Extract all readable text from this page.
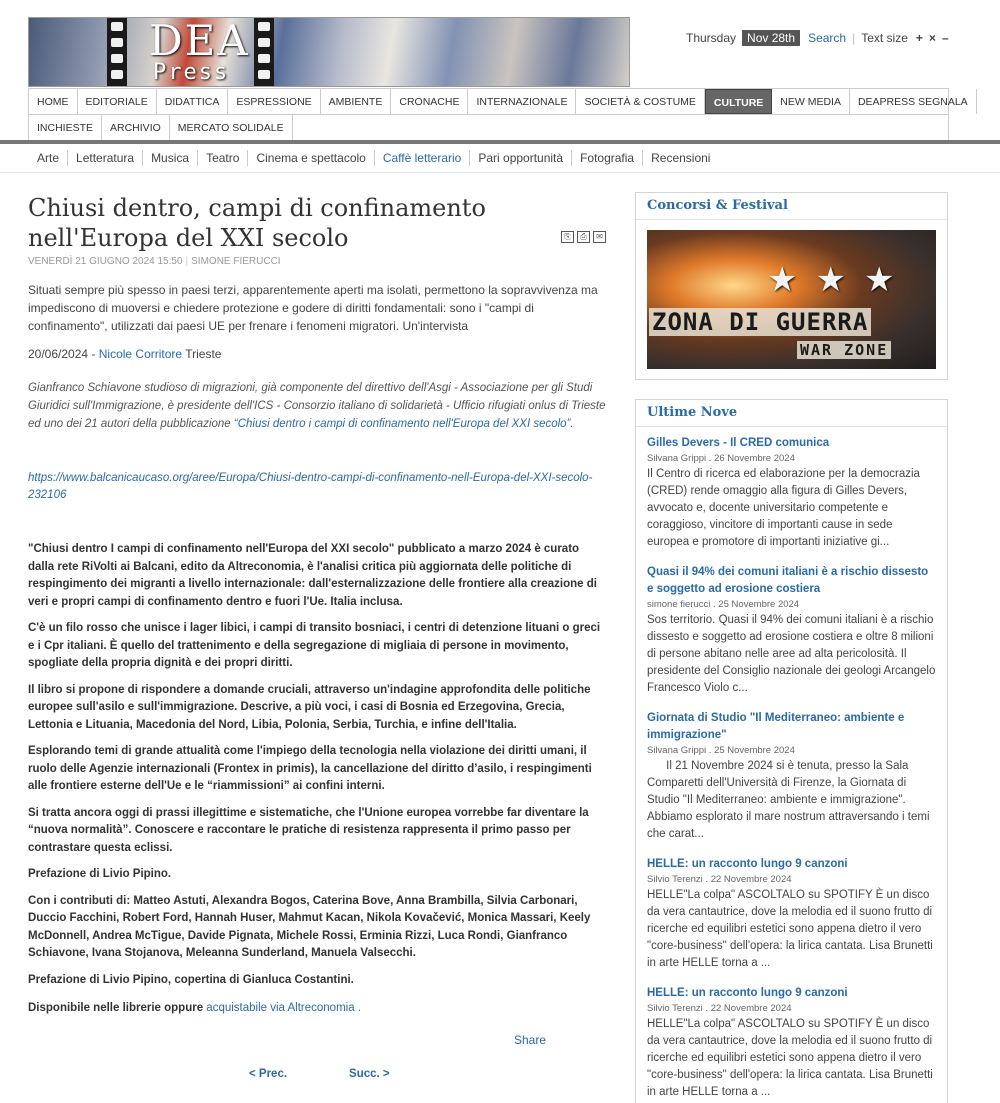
DEA
Press
Thursday Nov 28th	Search | Text size + × –
HOME	EDITORIALE	DIDATTICA	ESPRESSIONE	AMBIENTE	CRONACHE	INTERNAZIONALE	SOCIETÀ & COSTUME	CULTURE	NEW MEDIA	DEAPRESS SEGNALA
INCHIESTE	ARCHIVIO	MERCATO SOLIDALE
Arte	Letteratura	Musica	Teatro	Cinema e spettacolo	Caffè letterario	Pari opportunità	Fotografia	Recensioni
Chiusi dentro, campi di confinamento nell'Europa del XXI secolo	⎘	⎙	✉
VENERDÌ 21 GIUGNO 2024 15:50 | SIMONE FIERUCCI

Situati sempre più spesso in paesi terzi, apparentemente aperti ma isolati, permettono la sopravvivenza ma impediscono di muoversi e chiedere protezione e godere di diritti fondamentali: sono i "campi di confinamento", utilizzati dai paesi UE per frenare i fenomeni migratori. Un'intervista

20/06/2024 - Nicole Corritore Trieste

Gianfranco Schiavone studioso di migrazioni, già componente del direttivo dell'Asgi - Associazione per gli Studi Giuridici sull'Immigrazione, è presidente dell'ICS - Consorzio italiano di solidarietà - Ufficio rifugiati onlus di Trieste ed uno dei 21 autori della pubblicazione “Chiusi dentro i campi di confinamento nell'Europa del XXI secolo”.

https://www.balcanicaucaso.org/aree/Europa/Chiusi-dentro-campi-di-confinamento-nell-Europa-del-XXI-secolo-232106

"Chiusi dentro I campi di confinamento nell'Europa del XXI secolo" pubblicato a marzo 2024 è curato dalla rete RiVolti ai Balcani, edito da Altreconomia, è l'analisi critica più aggiornata delle politiche di respingimento dei migranti a livello internazionale: dall'esternalizzazione delle frontiere alla creazione di veri e propri campi di confinamento dentro e fuori l'Ue. Italia inclusa.

C'è un filo rosso che unisce i lager libici, i campi di transito bosniaci, i centri di detenzione lituani o greci e i Cpr italiani. È quello del trattenimento e della segregazione di migliaia di persone in movimento, spogliate della propria dignità e dei propri diritti.

Il libro si propone di rispondere a domande cruciali, attraverso un'indagine approfondita delle politiche europee sull'asilo e sull'immigrazione. Descrive, a più voci, i casi di Bosnia ed Erzegovina, Grecia, Lettonia e Lituania, Macedonia del Nord, Libia, Polonia, Serbia, Turchia, e infine dell'Italia.

Esplorando temi di grande attualità come l'impiego della tecnologia nella violazione dei diritti umani, il ruolo delle Agenzie internazionali (Frontex in primis), la cancellazione del diritto d’asilo, i respingimenti alle frontiere esterne dell'Ue e le “riammissioni” ai confini interni.

Si tratta ancora oggi di prassi illegittime e sistematiche, che l'Unione europea vorrebbe far diventare la “nuova normalità”. Conoscere e raccontare le pratiche di resistenza rappresenta il primo passo per contrastare questa eclissi.

Prefazione di Livio Pipino.

Con i contributi di: Matteo Astuti, Alexandra Bogos, Caterina Bove, Anna Brambilla, Silvia Carbonari, Duccio Facchini, Robert Ford, Hannah Huser, Mahmut Kacan, Nikola Kovačević, Monica Massari, Keely McDonnell, Andrea McTigue, Davide Pignata, Michele Rossi, Erminia Rizzi, Luca Rondi, Gianfranco Schiavone, Ivana Stojanova, Meleanna Sunderland, Manuela Valsecchi.

Prefazione di Livio Pipino, copertina di Gianluca Costantini.

Disponibile nelle librerie oppure acquistabile via Altreconomia .

Share
< Prec.	Succ. >
Concorsi & Festival
★★★
ZONA DI GUERRA
WAR ZONE
Ultime Nove
Gilles Devers - Il CRED comunica
Silvana Grippi . 26 Novembre 2024
Il Centro di ricerca ed elaborazione per la democrazia (CRED) rende omaggio alla figura di Gilles Devers, avvocato e, docente universitario competente e coraggioso, vincitore di importanti cause in sede europea e promotore di importanti iniziative gi...
Quasi il 94% dei comuni italiani è a rischio dissesto e soggetto ad erosione costiera
simone fierucci . 25 Novembre 2024
Sos territorio. Quasi il 94% dei comuni italiani è a rischio dissesto e soggetto ad erosione costiera e oltre 8 milioni di persone abitano nelle aree ad alta pericolosità. Il presidente del Consiglio nazionale dei geologi Arcangelo Francesco Violo c...
Giornata di Studio "Il Mediterraneo: ambiente e immigrazione"
Silvana Grippi . 25 Novembre 2024
Il 21 Novembre 2024 si è tenuta, presso la Sala Comparetti dell'Università di Firenze, la Giornata di Studio "Il Mediterraneo: ambiente e immigrazione". Abbiamo esplorato il mare nostrum attraversando i temi che carat...
HELLE: un racconto lungo 9 canzoni
Silvio Terenzi . 22 Novembre 2024
HELLE"La colpa" ASCOLTALO su SPOTIFY È un disco da vera cantautrice, dove la melodia ed il suono frutto di ricerche ed equilibri estetici sono appena dietro il vero "core-business" dell'opera: la lirica cantata. Lisa Brunetti in arte HELLE torna a ...
HELLE: un racconto lungo 9 canzoni
Silvio Terenzi . 22 Novembre 2024
HELLE"La colpa" ASCOLTALO su SPOTIFY È un disco da vera cantautrice, dove la melodia ed il suono frutto di ricerche ed equilibri estetici sono appena dietro il vero "core-business" dell'opera: la lirica cantata. Lisa Brunetti in arte HELLE torna a ...
